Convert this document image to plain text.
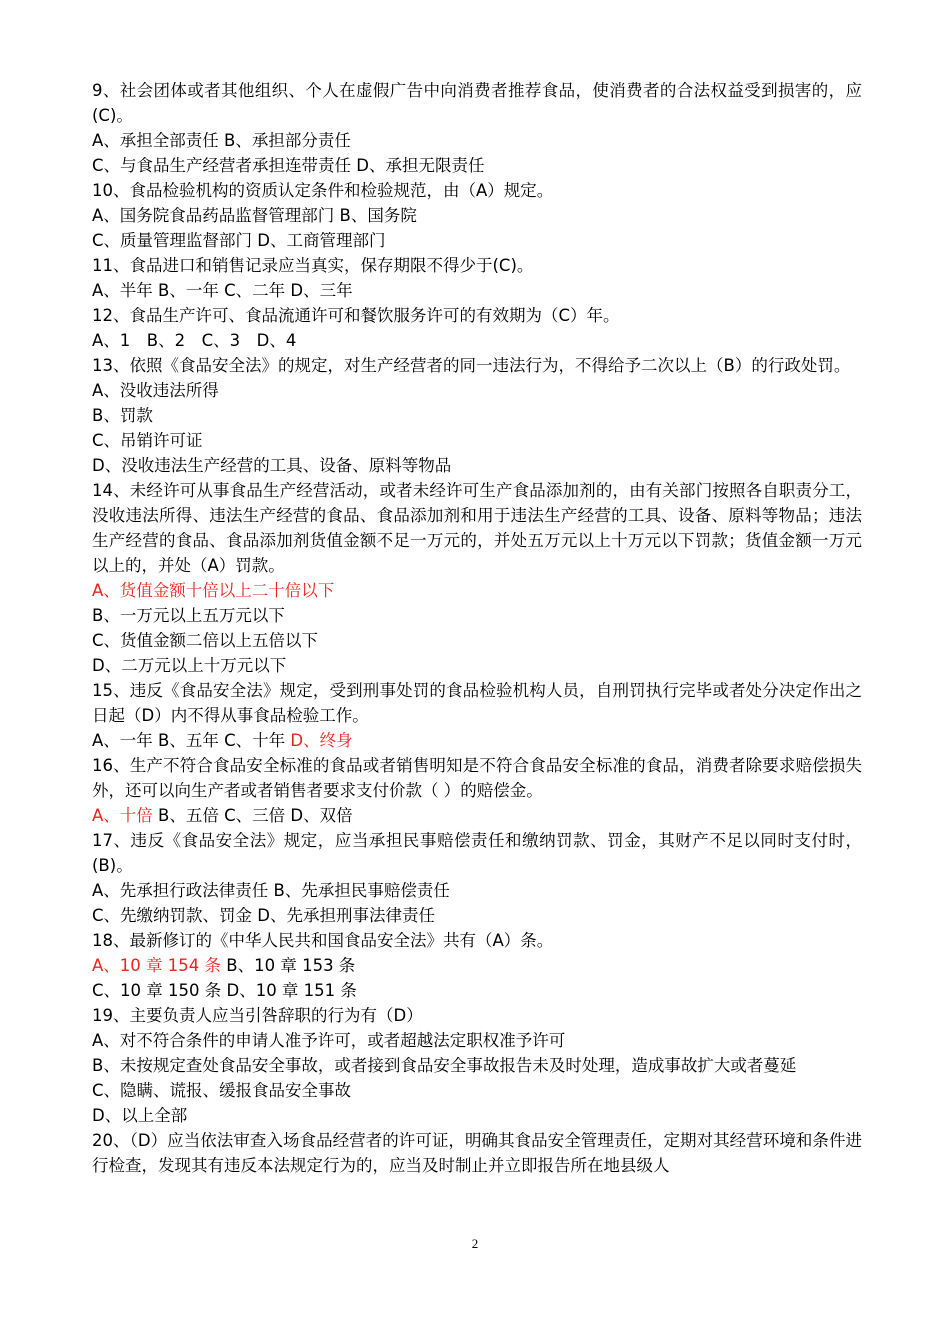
9、社会团体或者其他组织、个人在虚假广告中向消费者推荐食品，使消费者的合法权益受到损害的，应(C)。
A、承担全部责任 B、承担部分责任
C、与食品生产经营者承担连带责任 D、承担无限责任
10、食品检验机构的资质认定条件和检验规范，由（A）规定。
A、国务院食品药品监督管理部门 B、国务院
C、质量管理监督部门 D、工商管理部门
11、食品进口和销售记录应当真实，保存期限不得少于(C)。
A、半年 B、一年 C、二年 D、三年
12、食品生产许可、食品流通许可和餐饮服务许可的有效期为（C）年。
A、1　B、2　C、3　D、4
13、依照《食品安全法》的规定，对生产经营者的同一违法行为，不得给予二次以上（B）的行政处罚。
A、没收违法所得
B、罚款
C、吊销许可证
D、没收违法生产经营的工具、设备、原料等物品
14、未经许可从事食品生产经营活动，或者未经许可生产食品添加剂的，由有关部门按照各自职责分工，没收违法所得、违法生产经营的食品、食品添加剂和用于违法生产经营的工具、设备、原料等物品；违法生产经营的食品、食品添加剂货值金额不足一万元的，并处五万元以上十万元以下罚款；货值金额一万元以上的，并处（A）罚款。
A、货值金额十倍以上二十倍以下
B、一万元以上五万元以下
C、货值金额二倍以上五倍以下
D、二万元以上十万元以下
15、违反《食品安全法》规定，受到刑事处罚的食品检验机构人员，自刑罚执行完毕或者处分决定作出之日起（D）内不得从事食品检验工作。
A、一年 B、五年 C、十年 D、终身
16、生产不符合食品安全标准的食品或者销售明知是不符合食品安全标准的食品，消费者除要求赔偿损失外，还可以向生产者或者销售者要求支付价款（ ）的赔偿金。
A、十倍 B、五倍 C、三倍 D、双倍
17、违反《食品安全法》规定，应当承担民事赔偿责任和缴纳罚款、罚金，其财产不足以同时支付时，(B)。
A、先承担行政法律责任 B、先承担民事赔偿责任
C、先缴纳罚款、罚金 D、先承担刑事法律责任
18、最新修订的《中华人民共和国食品安全法》共有（A）条。
A、10 章 154 条 B、10 章 153 条
C、10 章 150 条 D、10 章 151 条
19、主要负责人应当引咎辞职的行为有（D）
A、对不符合条件的申请人准予许可，或者超越法定职权准予许可
B、未按规定查处食品安全事故，或者接到食品安全事故报告未及时处理，造成事故扩大或者蔓延
C、隐瞒、谎报、缓报食品安全事故
D、以上全部
20、（D）应当依法审查入场食品经营者的许可证，明确其食品安全管理责任，定期对其经营环境和条件进行检查，发现其有违反本法规定行为的，应当及时制止并立即报告所在地县级人
2
